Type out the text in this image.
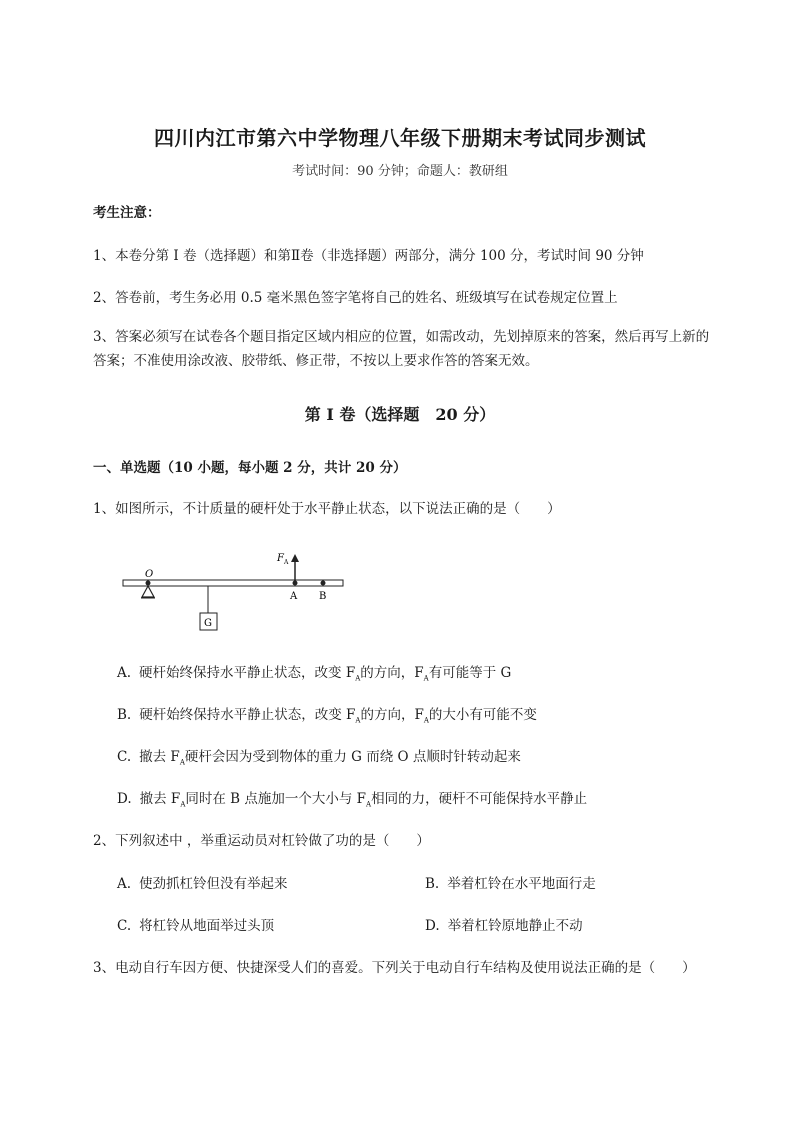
四川内江市第六中学物理八年级下册期末考试同步测试
考试时间：90 分钟；命题人：教研组
考生注意：
1、本卷分第 I 卷（选择题）和第Ⅱ卷（非选择题）两部分，满分 100 分，考试时间 90 分钟
2、答卷前，考生务必用 0.5 毫米黑色签字笔将自己的姓名、班级填写在试卷规定位置上
3、答案必须写在试卷各个题目指定区域内相应的位置，如需改动，先划掉原来的答案，然后再写上新的答案；不准使用涂改液、胶带纸、修正带，不按以上要求作答的答案无效。
第 I 卷（选择题　20 分）
一、单选题（10 小题，每小题 2 分，共计 20 分）
1、如图所示，不计质量的硬杆处于水平静止状态，以下说法正确的是（　　）
O
F A
A B
G
A. 硬杆始终保持水平静止状态，改变 $F_A$的方向，$F_A$有可能等于 G
B. 硬杆始终保持水平静止状态，改变 $F_A$的方向，$F_A$的大小有可能不变
C. 撤去 $F_A$硬杆会因为受到物体的重力 G 而绕 O 点顺时针转动起来
D. 撤去 $F_A$同时在 B 点施加一个大小与 $F_A$相同的力，硬杆不可能保持水平静止
2、下列叙述中 ，举重运动员对杠铃做了功的是（　　）
A. 使劲抓杠铃但没有举起来	B. 举着杠铃在水平地面行走
C. 将杠铃从地面举过头顶	D. 举着杠铃原地静止不动
3、电动自行车因方便、快捷深受人们的喜爱。下列关于电动自行车结构及使用说法正确的是（　　）
